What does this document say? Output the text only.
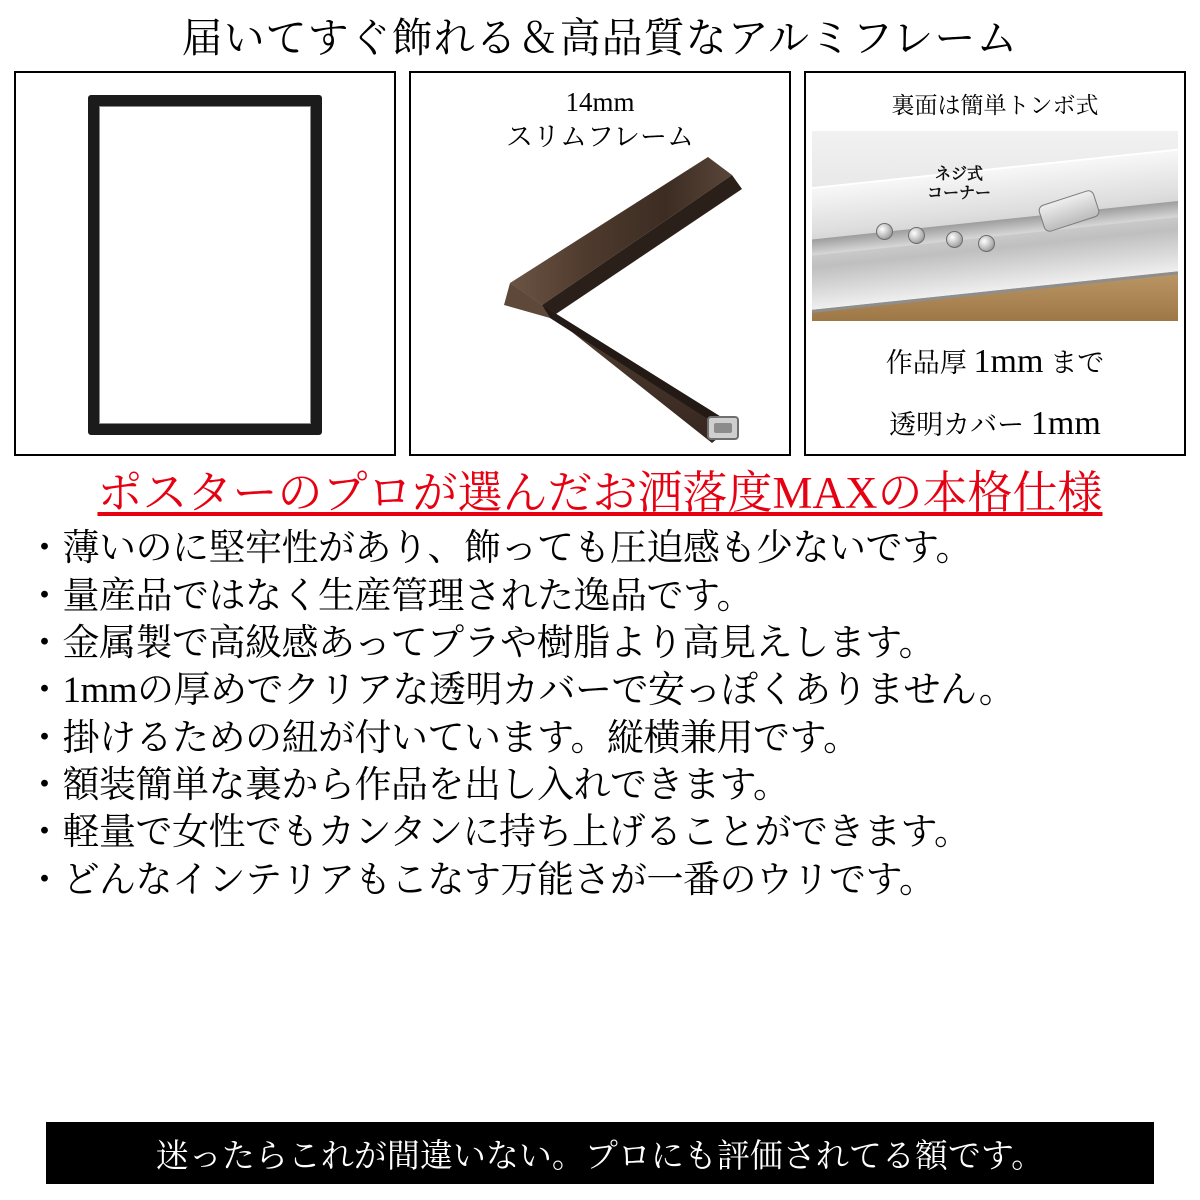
届いてすぐ飾れる＆高品質なアルミフレーム
14mm
スリムフレーム
裏面は簡単トンボ式
ネジ式
コーナー
作品厚 1mm まで
透明カバー 1mm
ポスターのプロが選んだお洒落度MAXの本格仕様
・薄いのに堅牢性があり、飾っても圧迫感も少ないです。
・量産品ではなく生産管理された逸品です。
・金属製で高級感あってプラや樹脂より高見えします。
・1mmの厚めでクリアな透明カバーで安っぽくありません。
・掛けるための紐が付いています。縦横兼用です。
・額装簡単な裏から作品を出し入れできます。
・軽量で女性でもカンタンに持ち上げることができます。
・どんなインテリアもこなす万能さが一番のウリです。
迷ったらこれが間違いない。プロにも評価されてる額です。
